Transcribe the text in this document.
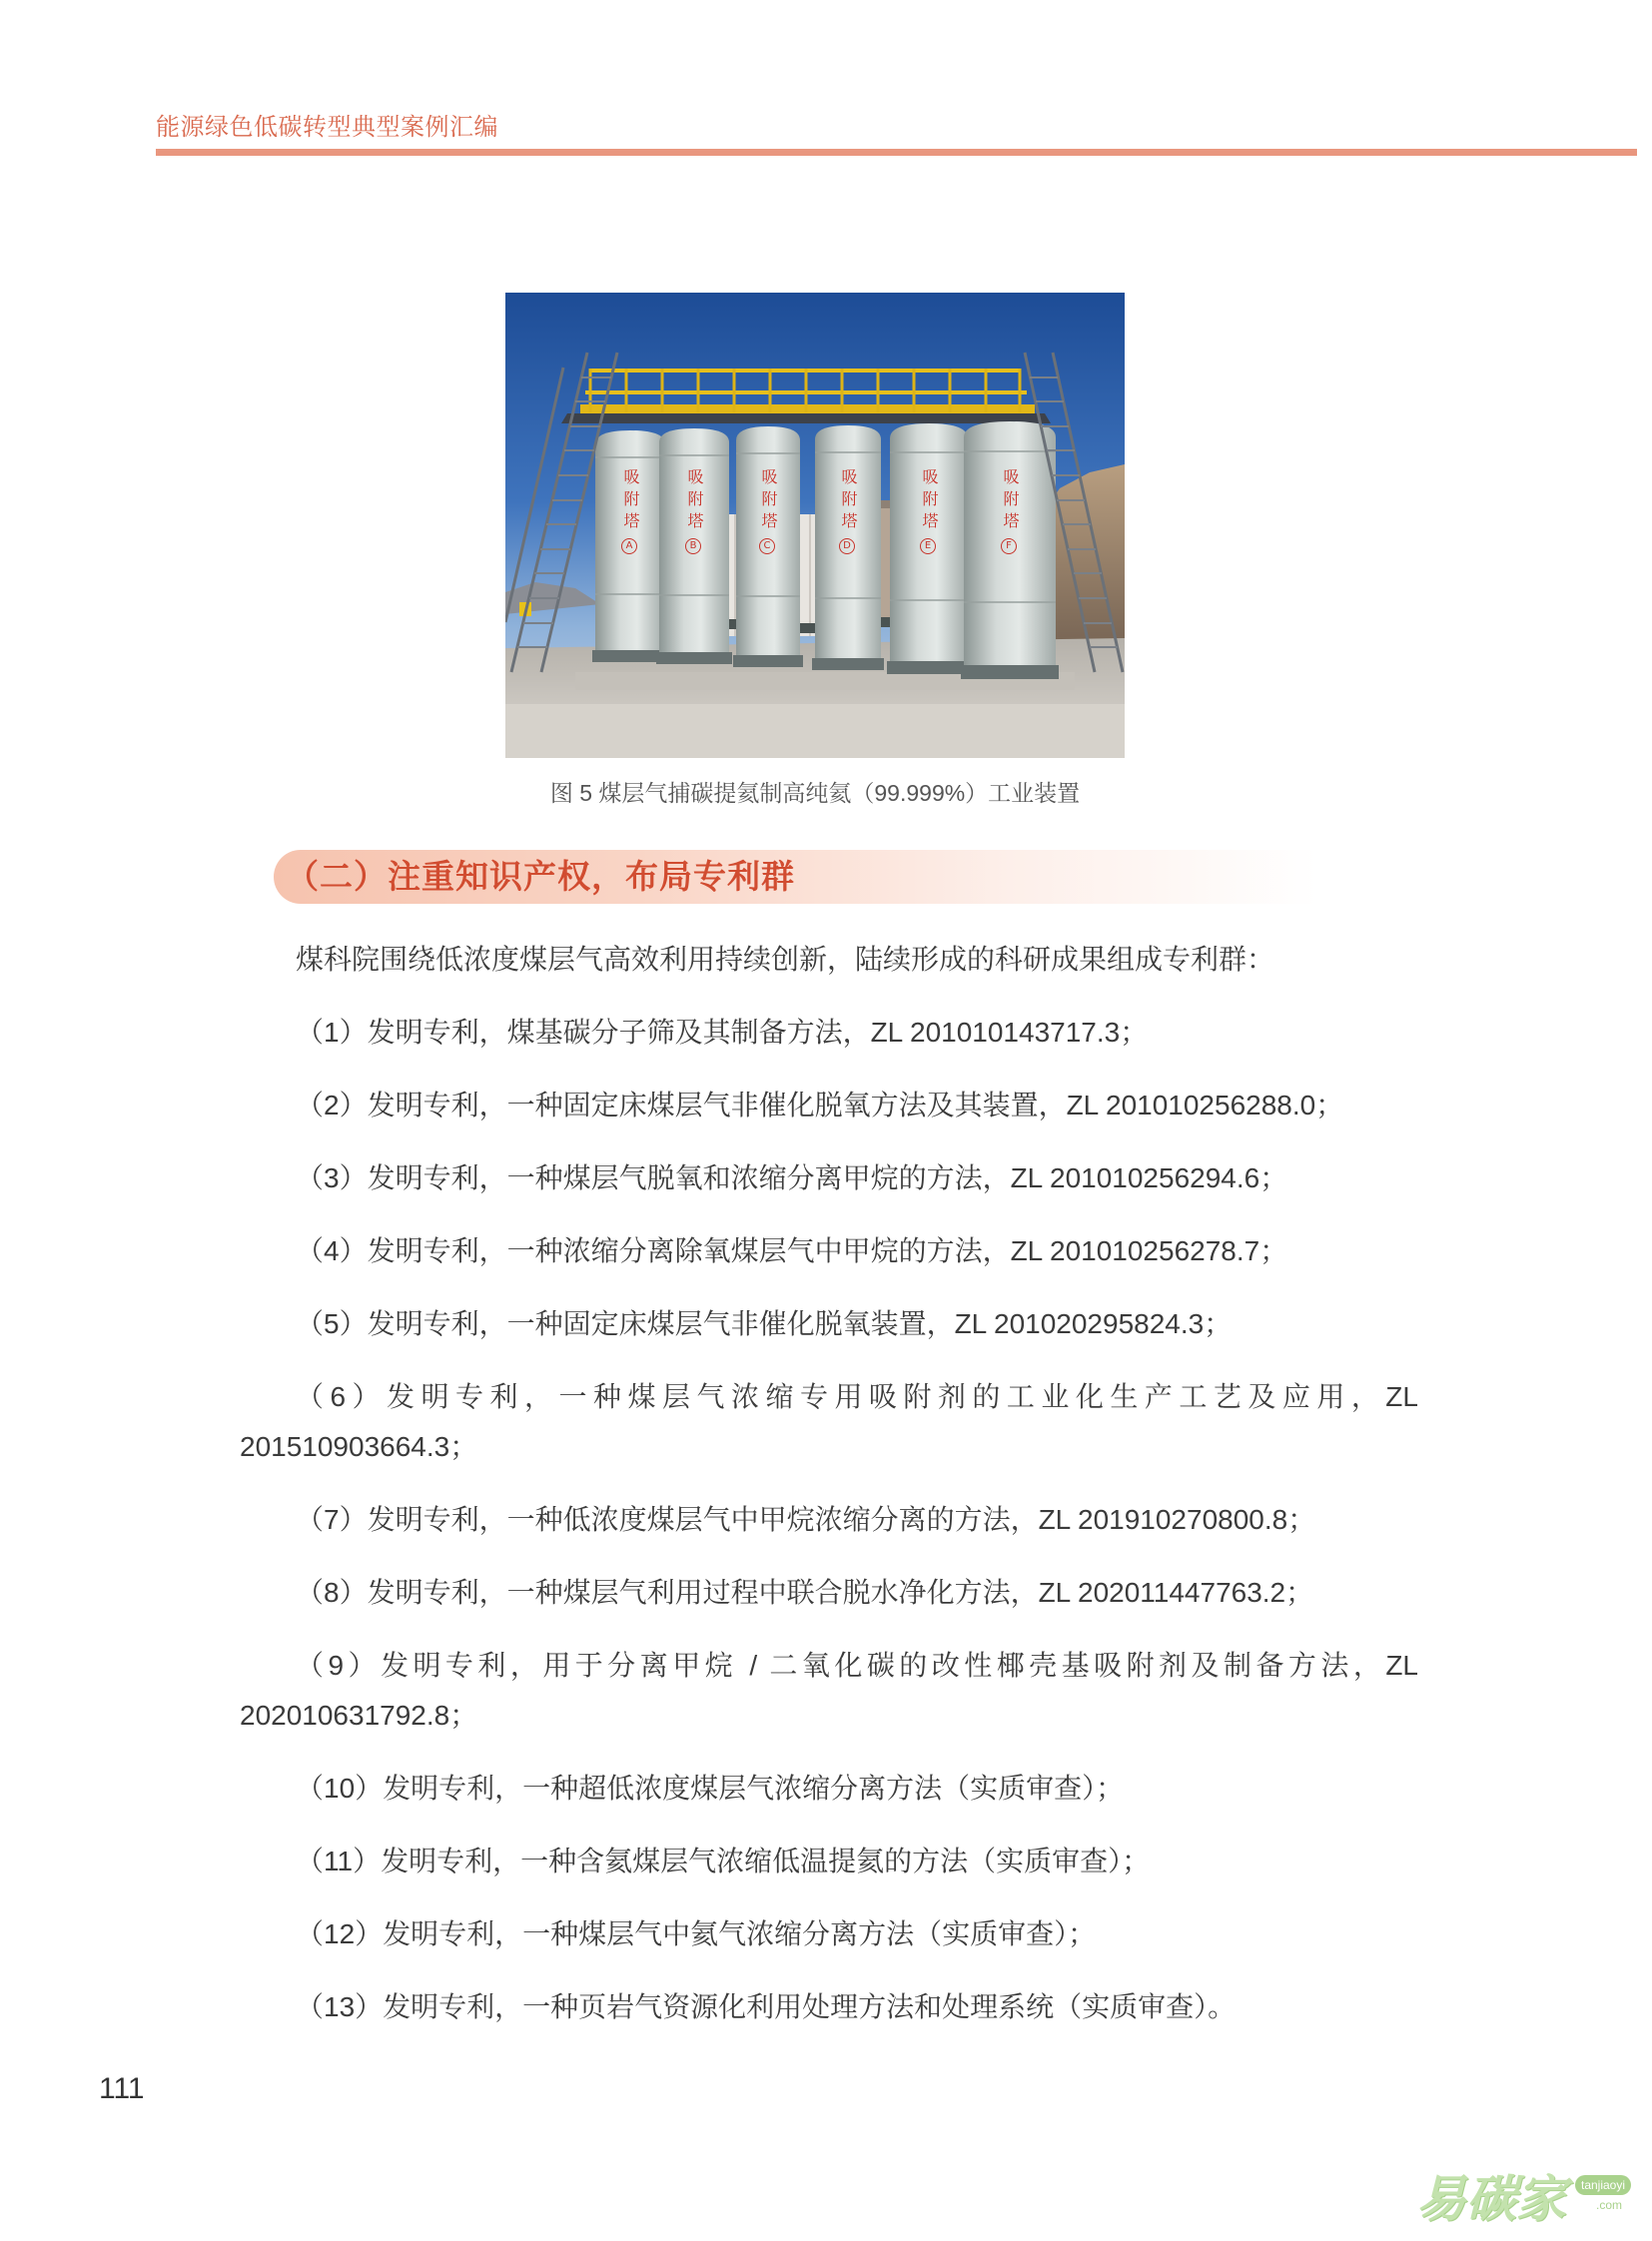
能源绿色低碳转型典型案例汇编
吸附塔
A
吸附塔
B
吸附塔
C
吸附塔
D
吸附塔
E
吸附塔
F
图 5 煤层气捕碳提氦制高纯氦（99.999%）工业装置
（二）注重知识产权，布局专利群

煤科院围绕低浓度煤层气高效利用持续创新，陆续形成的科研成果组成专利群：

（1）发明专利，煤基碳分子筛及其制备方法，ZL 201010143717.3；

（2）发明专利，一种固定床煤层气非催化脱氧方法及其装置，ZL 201010256288.0；

（3）发明专利，一种煤层气脱氧和浓缩分离甲烷的方法，ZL 201010256294.6；

（4）发明专利，一种浓缩分离除氧煤层气中甲烷的方法，ZL 201010256278.7；

（5）发明专利，一种固定床煤层气非催化脱氧装置，ZL 201020295824.3；

（6）发明专利，一种煤层气浓缩专用吸附剂的工业化生产工艺及应用，ZL 201510903664.3；

（7）发明专利，一种低浓度煤层气中甲烷浓缩分离的方法，ZL 201910270800.8；

（8）发明专利，一种煤层气利用过程中联合脱水净化方法，ZL 202011447763.2；

（9）发明专利，用于分离甲烷 / 二氧化碳的改性椰壳基吸附剂及制备方法，ZL 202010631792.8；

（10）发明专利，一种超低浓度煤层气浓缩分离方法（实质审查）；

（11）发明专利，一种含氦煤层气浓缩低温提氦的方法（实质审查）；

（12）发明专利，一种煤层气中氦气浓缩分离方法（实质审查）；

（13）发明专利，一种页岩气资源化利用处理方法和处理系统（实质审查）。

111
易碳家	tanjiaoyi
.com
